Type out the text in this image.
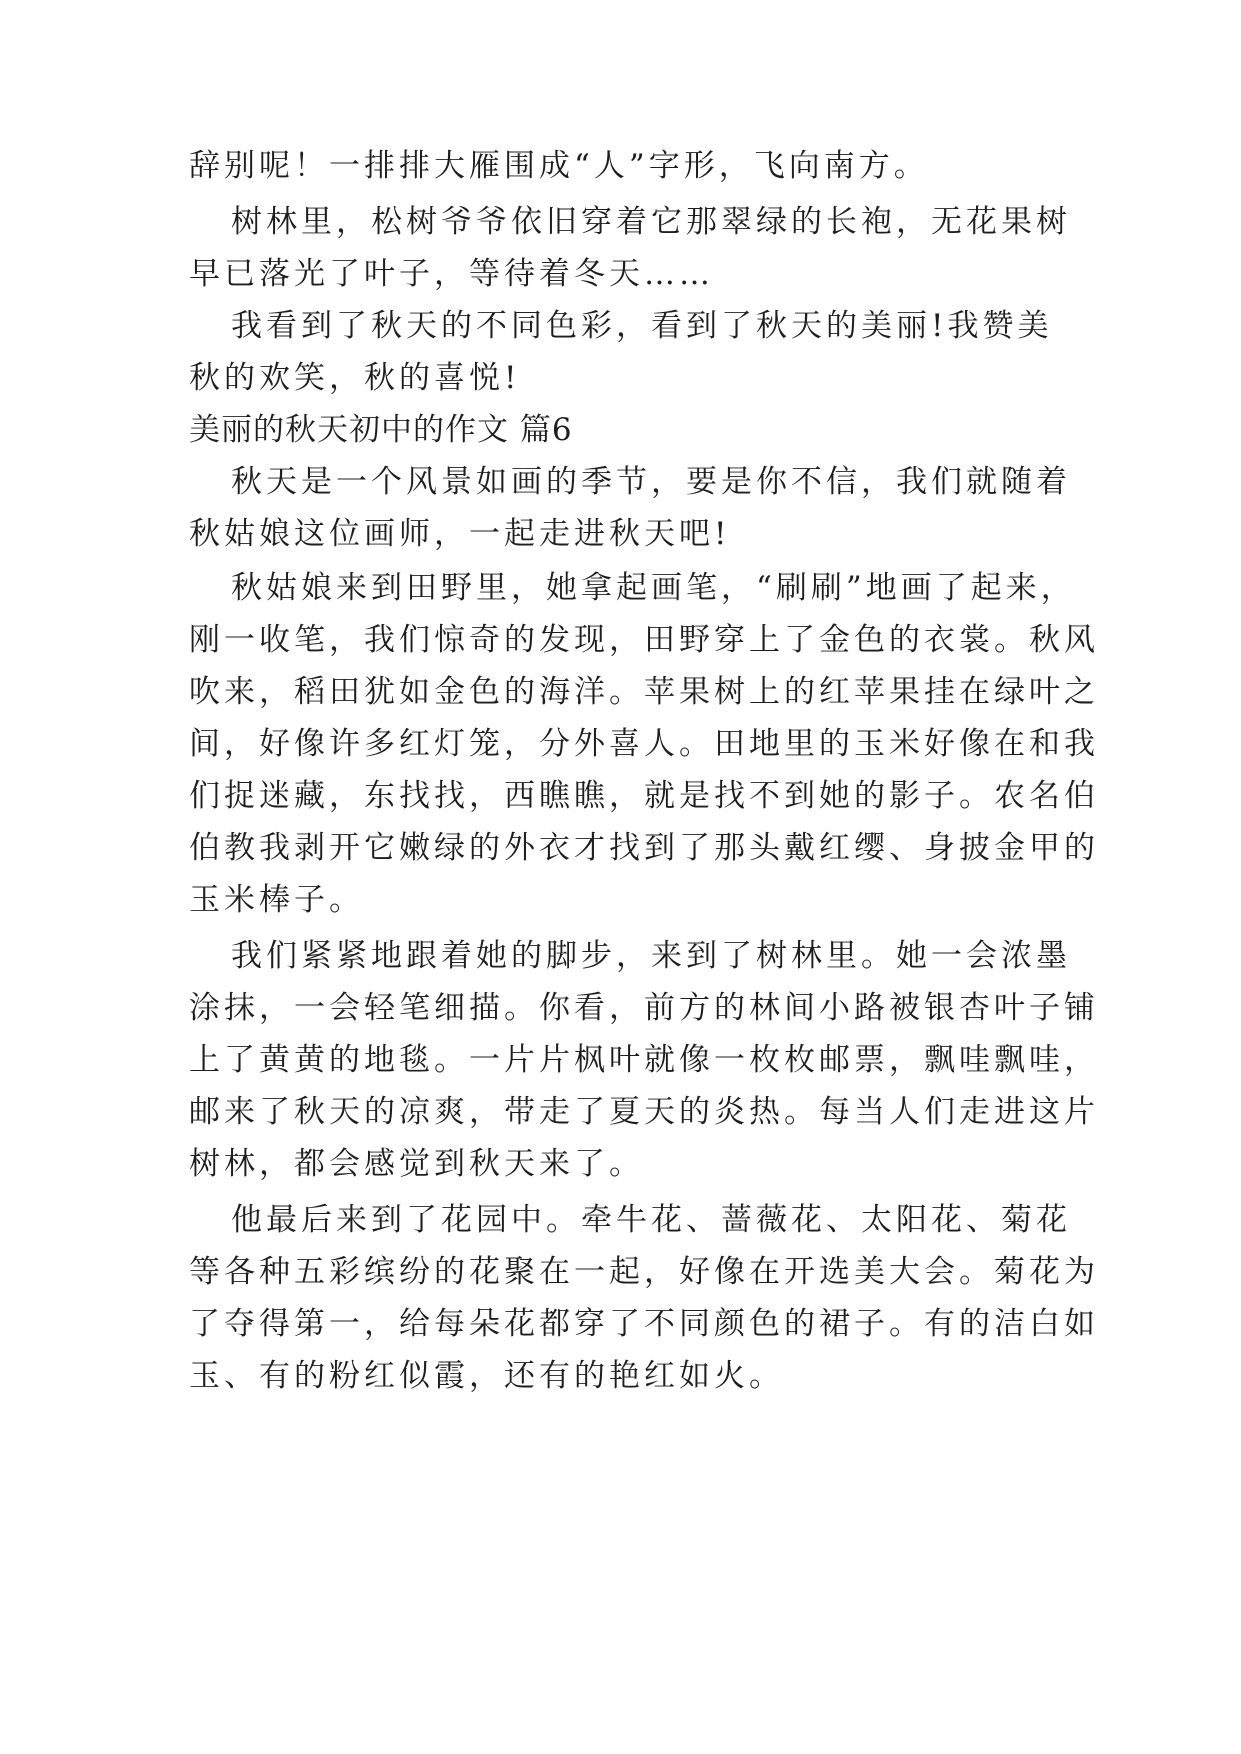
辞别呢！一排排大雁围成“人”字形，飞向南方。
树林里，松树爷爷依旧穿着它那翠绿的长袍，无花果树
早已落光了叶子，等待着冬天……
我看到了秋天的不同色彩，看到了秋天的美丽!我赞美
秋的欢笑，秋的喜悦!
美丽的秋天初中的作文 篇6
秋天是一个风景如画的季节，要是你不信，我们就随着
秋姑娘这位画师，一起走进秋天吧!
秋姑娘来到田野里，她拿起画笔，“刷刷”地画了起来，
刚一收笔，我们惊奇的发现，田野穿上了金色的衣裳。秋风
吹来，稻田犹如金色的海洋。苹果树上的红苹果挂在绿叶之
间，好像许多红灯笼，分外喜人。田地里的玉米好像在和我
们捉迷藏，东找找，西瞧瞧，就是找不到她的影子。农名伯
伯教我剥开它嫩绿的外衣才找到了那头戴红缨、身披金甲的
玉米棒子。
我们紧紧地跟着她的脚步，来到了树林里。她一会浓墨
涂抹，一会轻笔细描。你看，前方的林间小路被银杏叶子铺
上了黄黄的地毯。一片片枫叶就像一枚枚邮票，飘哇飘哇，
邮来了秋天的凉爽，带走了夏天的炎热。每当人们走进这片
树林，都会感觉到秋天来了。
他最后来到了花园中。牵牛花、蔷薇花、太阳花、菊花
等各种五彩缤纷的花聚在一起，好像在开选美大会。菊花为
了夺得第一，给每朵花都穿了不同颜色的裙子。有的洁白如
玉、有的粉红似霞，还有的艳红如火。
